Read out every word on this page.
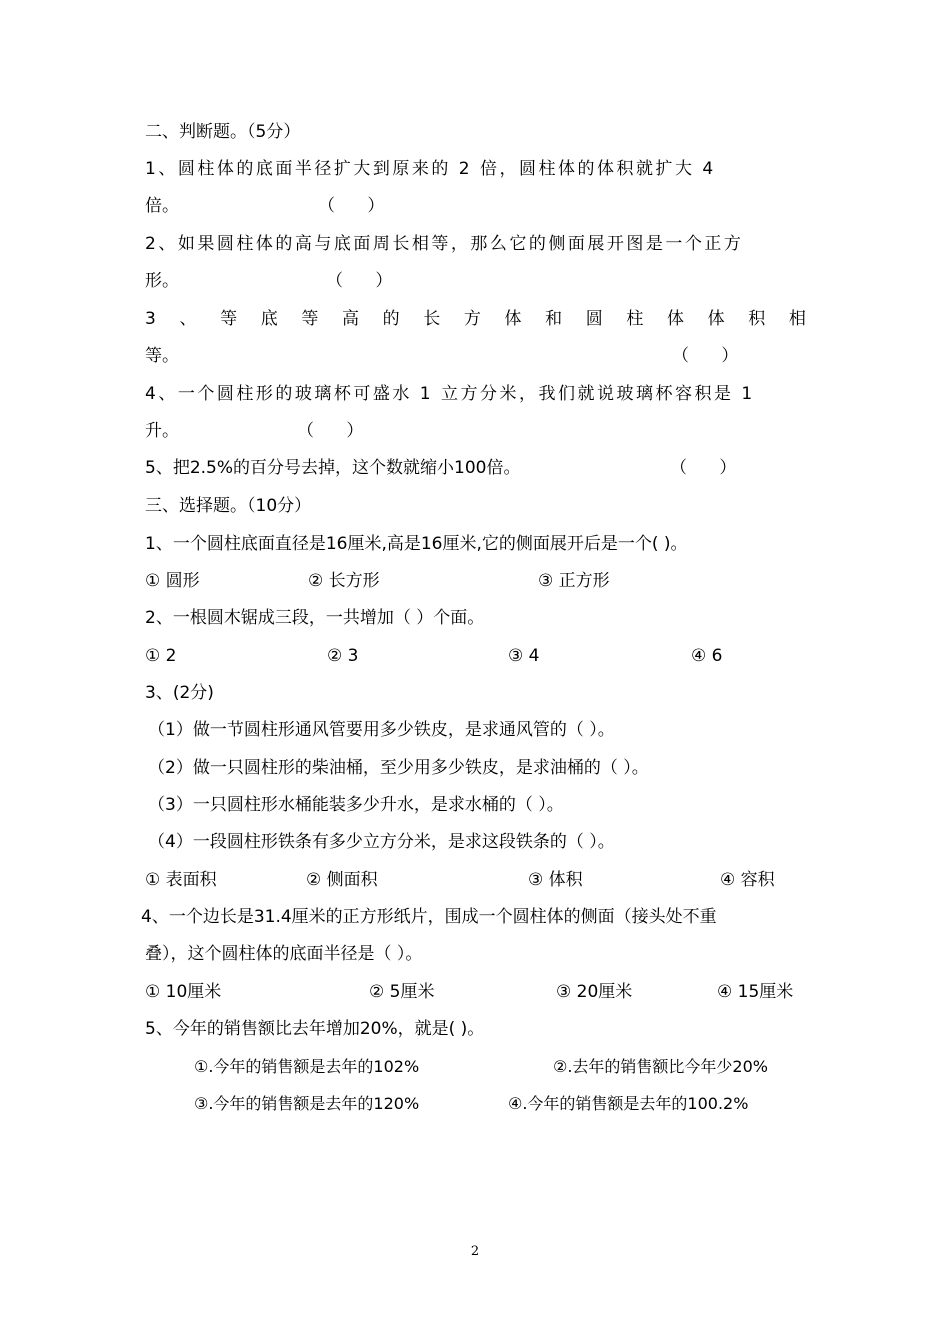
二、判断题。（5分）
1、圆柱体的底面半径扩大到原来的 2 倍，圆柱体的体积就扩大 4
倍。	（      ）
2、如果圆柱体的高与底面周长相等，那么它的侧面展开图是一个正方
形。	（      ）
3 、 等 底 等 高 的 长 方 体 和 圆 柱 体 体 积 相
等。	（      ）
4、一个圆柱形的玻璃杯可盛水 1 立方分米，我们就说玻璃杯容积是 1
升。	（      ）
5、把2.5%的百分号去掉，这个数就缩小100倍。	（      ）
三、选择题。（10分）
1、一个圆柱底面直径是16厘米,高是16厘米,它的侧面展开后是一个( )。
① 圆形	② 长方形	③ 正方形
2、一根圆木锯成三段，一共增加（ ）个面。
① 2	② 3	③ 4	④ 6
3、(2分)
（1）做一节圆柱形通风管要用多少铁皮，是求通风管的（ ）。
（2）做一只圆柱形的柴油桶，至少用多少铁皮，是求油桶的（ ）。
（3）一只圆柱形水桶能装多少升水，是求水桶的（ ）。
（4）一段圆柱形铁条有多少立方分米，是求这段铁条的（ ）。
① 表面积	② 侧面积	③ 体积	④ 容积
4、一个边长是31.4厘米的正方形纸片，围成一个圆柱体的侧面（接头处不重
叠），这个圆柱体的底面半径是（ ）。
① 10厘米	② 5厘米	③ 20厘米	④ 15厘米
5、今年的销售额比去年增加20%，就是( )。
①.今年的销售额是去年的102%	②.去年的销售额比今年少20%
③.今年的销售额是去年的120%	④.今年的销售额是去年的100.2%
2
